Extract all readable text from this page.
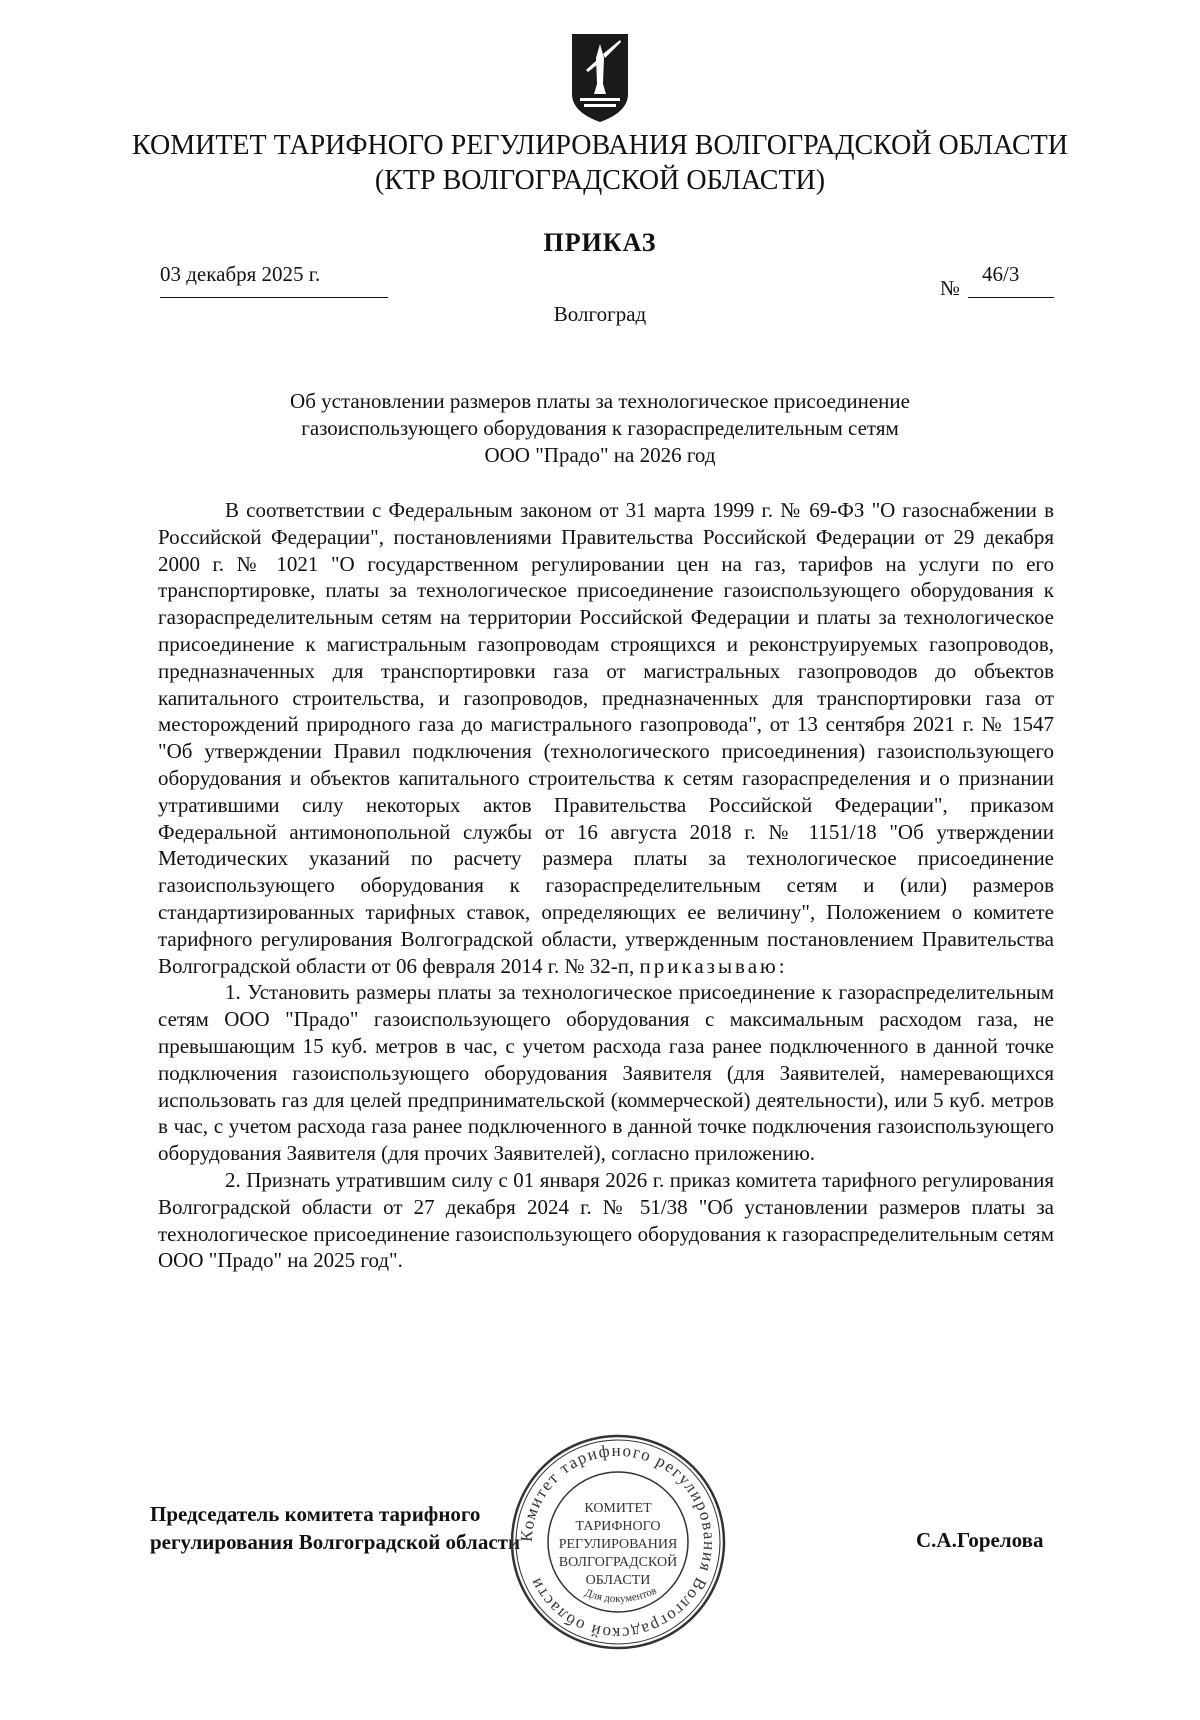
КОМИТЕТ ТАРИФНОГО РЕГУЛИРОВАНИЯ ВОЛГОГРАДСКОЙ ОБЛАСТИ
(КТР ВОЛГОГРАДСКОЙ ОБЛАСТИ)
ПРИКАЗ
03 декабря 2025 г.
№
46/3
Волгоград
Об установлении размеров платы за технологическое присоединение
газоиспользующего оборудования к газораспределительным сетям
ООО "Прадо" на 2026 год

В соответствии с Федеральным законом от 31 марта 1999 г. № 69-ФЗ "О газоснабжении в Российской Федерации", постановлениями Правительства Российской Федерации от 29 декабря 2000 г. № 1021 "О государственном регулировании цен на газ, тарифов на услуги по его транспортировке, платы за технологическое присоединение газоиспользующего оборудования к газораспределительным сетям на территории Российской Федерации и платы за технологическое присоединение к магистральным газопроводам строящихся и реконструируемых газопроводов, предназначенных для транспортировки газа от магистральных газопроводов до объектов капитального строительства, и газопроводов, предназначенных для транспортировки газа от месторождений природного газа до магистрального газопровода", от 13 сентября 2021 г. № 1547 "Об утверждении Правил подключения (технологического присоединения) газоиспользующего оборудования и объектов капитального строительства к сетям газораспределения и о признании утратившими силу некоторых актов Правительства Российской Федерации", приказом Федеральной антимонопольной службы от 16 августа 2018 г. № 1151/18 "Об утверждении Методических указаний по расчету размера платы за технологическое присоединение газоиспользующего оборудования к газораспределительным сетям и (или) размеров стандартизированных тарифных ставок, определяющих ее величину", Положением о комитете тарифного регулирования Волгоградской области, утвержденным постановлением Правительства Волгоградской области от 06 февраля 2014 г. № 32-п, приказываю:

1. Установить размеры платы за технологическое присоединение к газораспределительным сетям ООО "Прадо" газоиспользующего оборудования с максимальным расходом газа, не превышающим 15 куб. метров в час, с учетом расхода газа ранее подключенного в данной точке подключения газоиспользующего оборудования Заявителя (для Заявителей, намеревающихся использовать газ для целей предпринимательской (коммерческой) деятельности), или 5 куб. метров в час, с учетом расхода газа ранее подключенного в данной точке подключения газоиспользующего оборудования Заявителя (для прочих Заявителей), согласно приложению.

2. Признать утратившим силу с 01 января 2026 г. приказ комитета тарифного регулирования Волгоградской области от 27 декабря 2024 г. № 51/38 "Об установлении размеров платы за технологическое присоединение газоиспользующего оборудования к газораспределительным сетям ООО "Прадо" на 2025 год".

Председатель комитета тарифного
регулирования Волгоградской области	С.А.Горелова
Комитет тарифного регулирования Волгоградской области
КОМИТЕТ
ТАРИФНОГО
РЕГУЛИРОВАНИЯ
ВОЛГОГРАДСКОЙ
ОБЛАСТИ
Для документов
